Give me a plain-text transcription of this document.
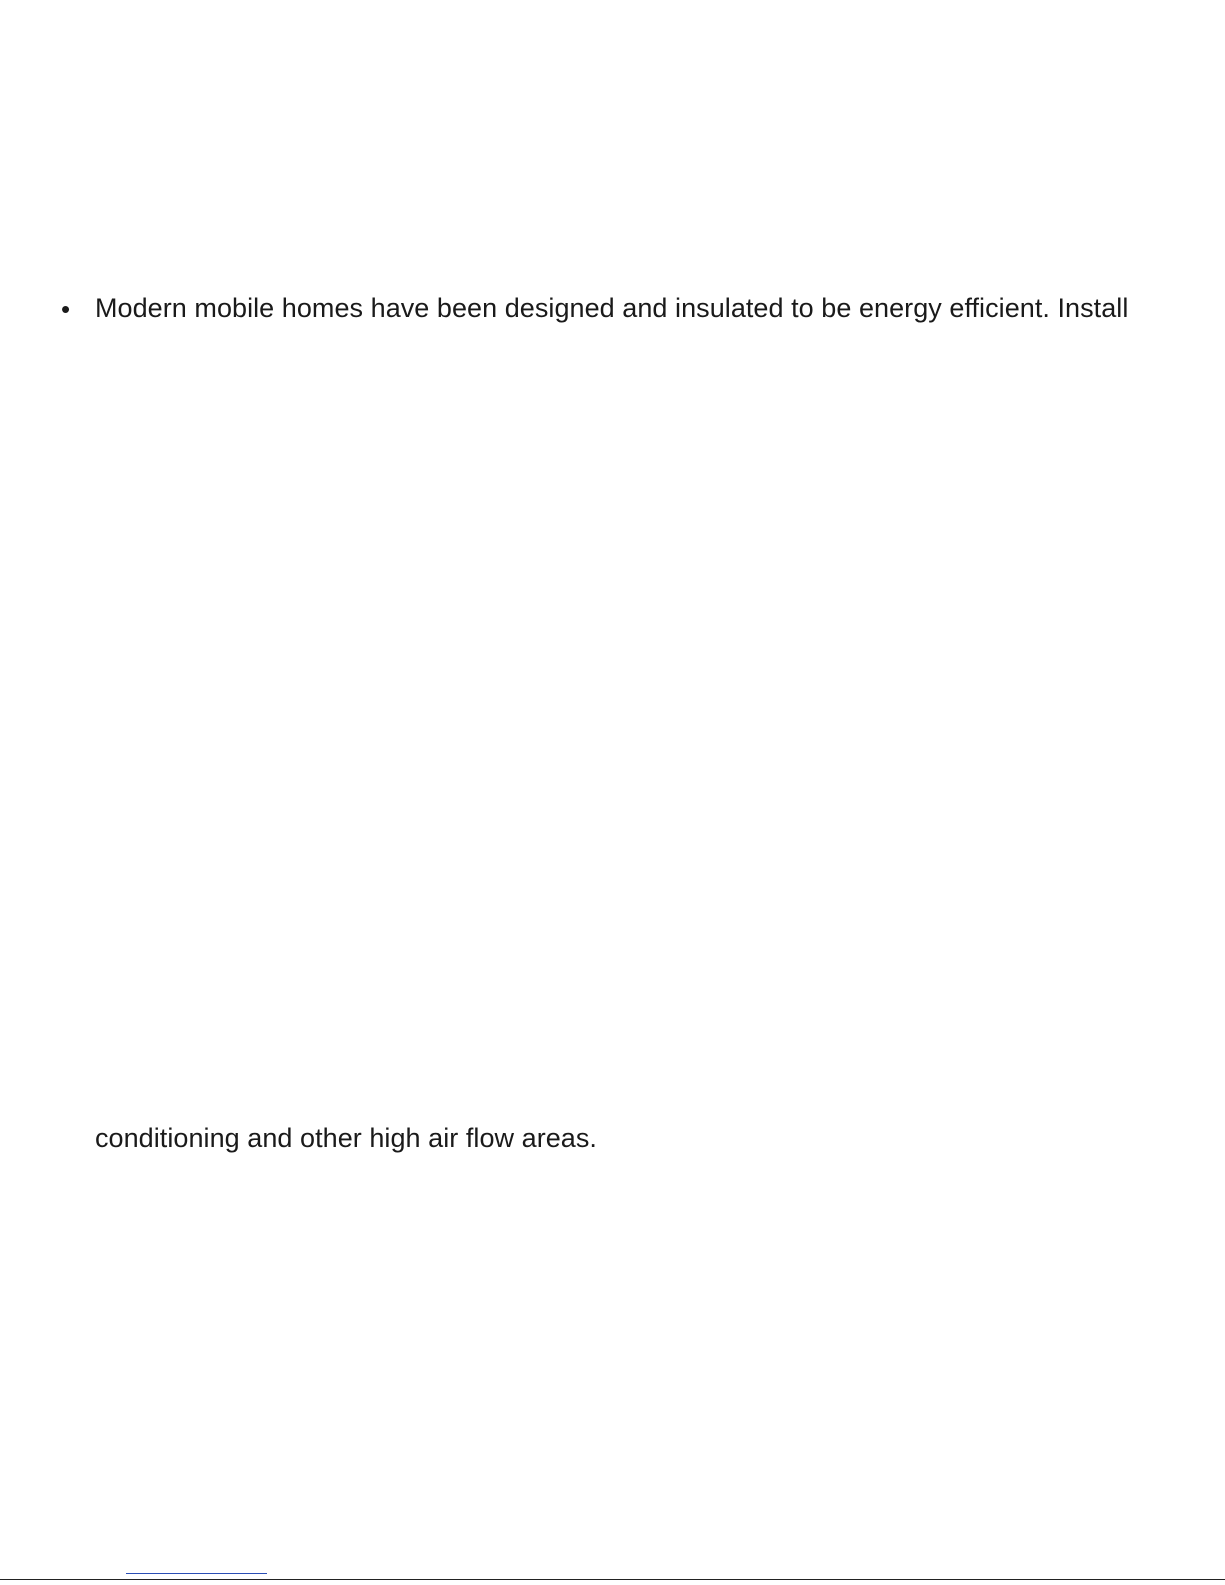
• Modern mobile homes have been designed and insulated to be energy efficient. Install
conditioning and other high air flow areas.
